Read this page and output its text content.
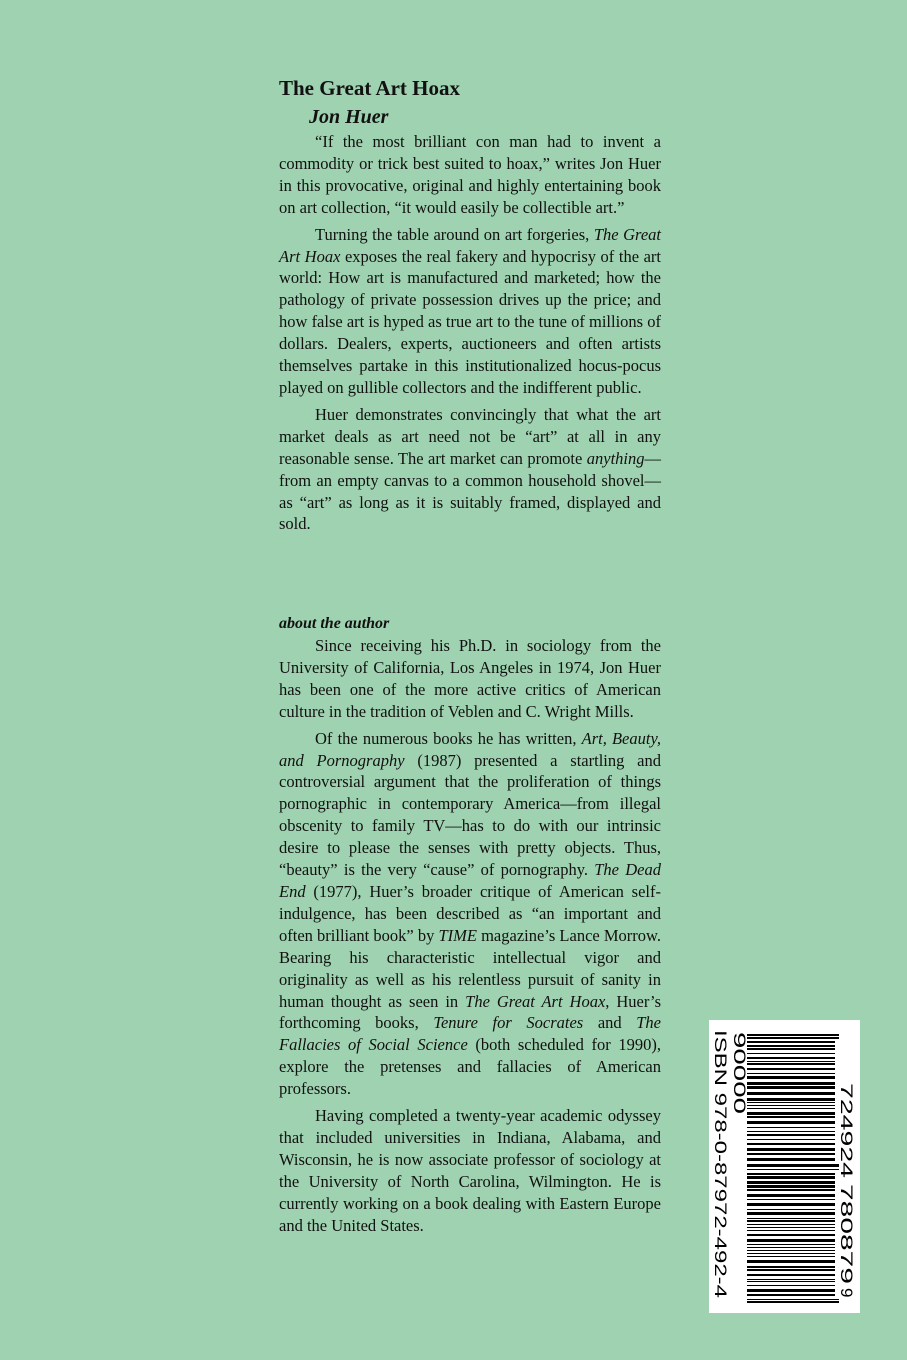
The Great Art Hoax
Jon Huer

“If the most brilliant con man had to invent a commodity or trick best suited to hoax,” writes Jon Huer in this provocative, original and highly entertaining book on art collection, “it would easily be collectible art.”

Turning the table around on art forgeries, The Great Art Hoax exposes the real fakery and hypocrisy of the art world: How art is manufactured and marketed; how the pathology of private possession drives up the price; and how false art is hyped as true art to the tune of millions of dollars. Dealers, experts, auctioneers and often artists themselves partake in this institutionalized hocus-pocus played on gullible collectors and the indifferent public.

Huer demonstrates convincingly that what the art market deals as art need not be “art” at all in any reasonable sense. The art market can promote anything—from an empty canvas to a common household shovel—as “art” as long as it is suitably framed, displayed and sold.

about the author

Since receiving his Ph.D. in sociology from the University of California, Los Angeles in 1974, Jon Huer has been one of the more active critics of American culture in the tradition of Veblen and C. Wright Mills.

Of the numerous books he has written, Art, Beauty, and Pornography (1987) presented a startling and controversial argument that the proliferation of things pornographic in contemporary America—from illegal obscenity to family TV—has to do with our intrinsic desire to please the senses with pretty objects. Thus, “beauty” is the very “cause” of pornography. The Dead End (1977), Huer’s broader critique of American self-indulgence, has been described as “an important and often brilliant book” by TIME magazine’s Lance Morrow. Bearing his characteristic intellectual vigor and originality as well as his relentless pursuit of sanity in human thought as seen in The Great Art Hoax, Huer’s forthcoming books, Tenure for Socrates and The Fallacies of Social Science (both scheduled for 1990), explore the pretenses and fallacies of American professors.

Having completed a twenty-year academic odyssey that included universities in Indiana, Alabama, and Wisconsin, he is now associate professor of sociology at the University of North Carolina, Wilmington. He is currently working on a book dealing with Eastern Europe and the United States.

ISBN 978-0-87972-492-4 90000
9
780879
724924
